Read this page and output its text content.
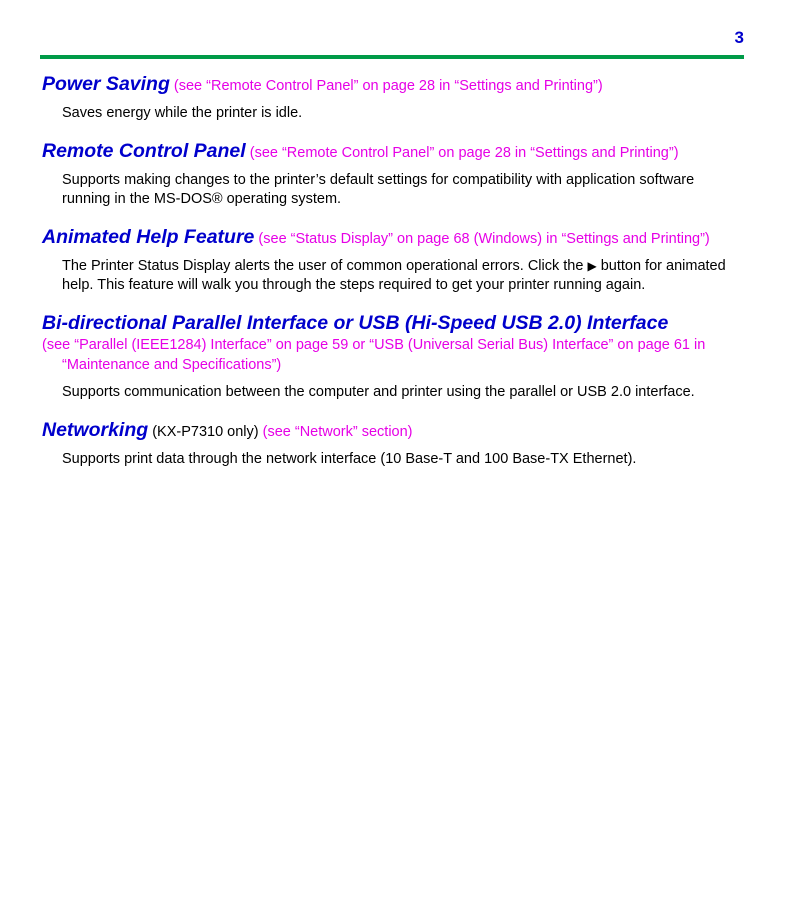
3

Power Saving (see “Remote Control Panel” on page 28 in “Settings and Printing”)

Saves energy while the printer is idle.

Remote Control Panel (see “Remote Control Panel” on page 28 in “Settings and Printing”)

Supports making changes to the printer’s default settings for compatibility with application software running in the MS-DOS® operating system.

Animated Help Feature (see “Status Display” on page 68 (Windows) in “Settings and Printing”)

The Printer Status Display alerts the user of common operational errors. Click the ▶ button for animated help. This feature will walk you through the steps required to get your printer running again.

Bi-directional Parallel Interface or USB (Hi-Speed USB 2.0) Interface
(see “Parallel (IEEE1284) Interface” on page 59 or “USB (Universal Serial Bus) Interface” on page 61 in “Maintenance and Specifications”)

Supports communication between the computer and printer using the parallel or USB 2.0 interface.

Networking (KX-P7310 only) (see “Network” section)

Supports print data through the network interface (10 Base-T and 100 Base-TX Ethernet).
